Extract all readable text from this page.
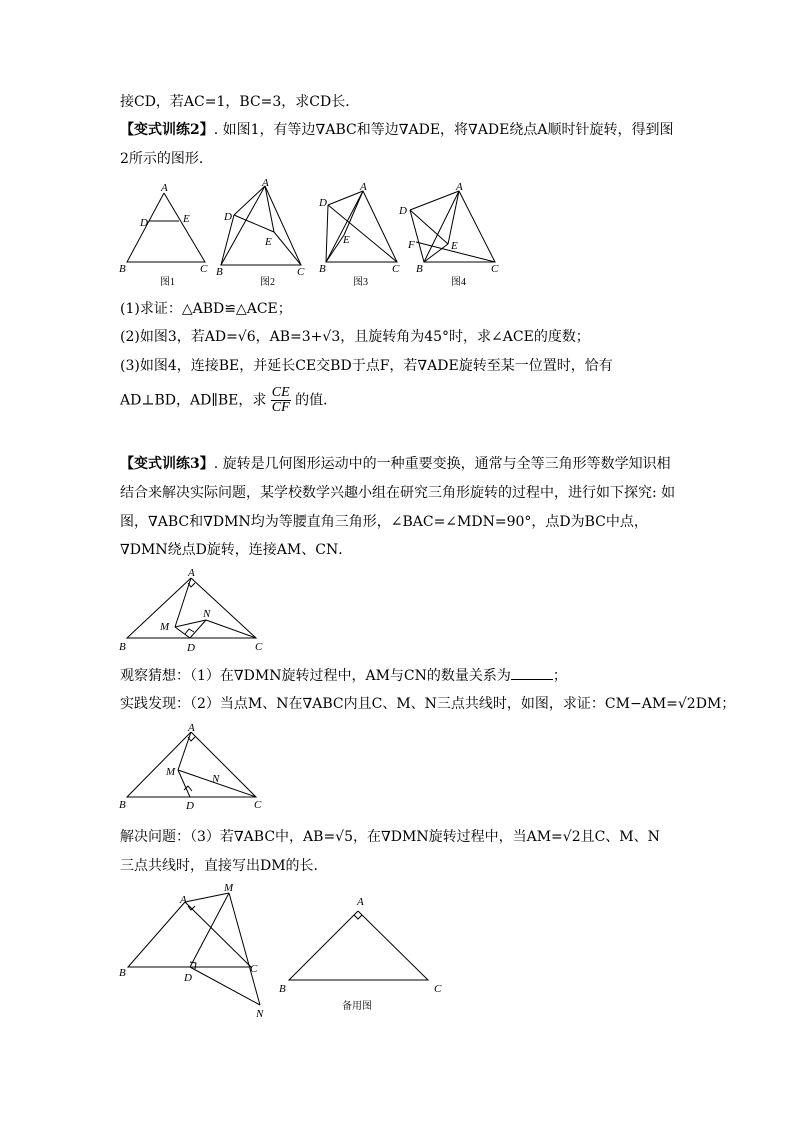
接CD，若AC=1，BC=3，求CD长．
【变式训练2】. 如图1，有等边∇ABC和等边∇ADE，将∇ADE绕点A顺时针旋转，得到图
2所示的图形．
A
D	E
B	C
图1
A
D
E
B	C
图2
A
D
E
B	C
图3
A
D
E
F
B	C
图4
(1)求证：△ABD≌△ACE；
(2)如图3，若AD=√6，AB=3+√3，且旋转角为45°时，求∠ACE的度数；
(3)如图4，连接BE，并延长CE交BD于点F，若∇ADE旋转至某一位置时，恰有
AD⊥BD，AD∥BE，求 $\frac{CE}{CF}$ 的值．
【变式训练3】. 旋转是几何图形运动中的一种重要变换，通常与全等三角形等数学知识相
结合来解决实际问题，某学校数学兴趣小组在研究三角形旋转的过程中，进行如下探究: 如
图，∇ABC和∇DMN均为等腰直角三角形，∠BAC=∠MDN=90°，点D为BC中点，
∇DMN绕点D旋转，连接AM、CN．
A
M
N
B	D	C
观察猜想：（1）在∇DMN旋转过程中，AM与CN的数量关系为	；
实践发现：（2）当点M、N在∇ABC内且C、M、N三点共线时，如图，求证：CM−AM=√2DM；
A
M
N
B	D	C
解决问题：（3）若∇ABC中，AB=√5，在∇DMN旋转过程中，当AM=√2且C、M、N
三点共线时，直接写出DM的长．
A
M
B	D
C
N
A
B	C
备用图
